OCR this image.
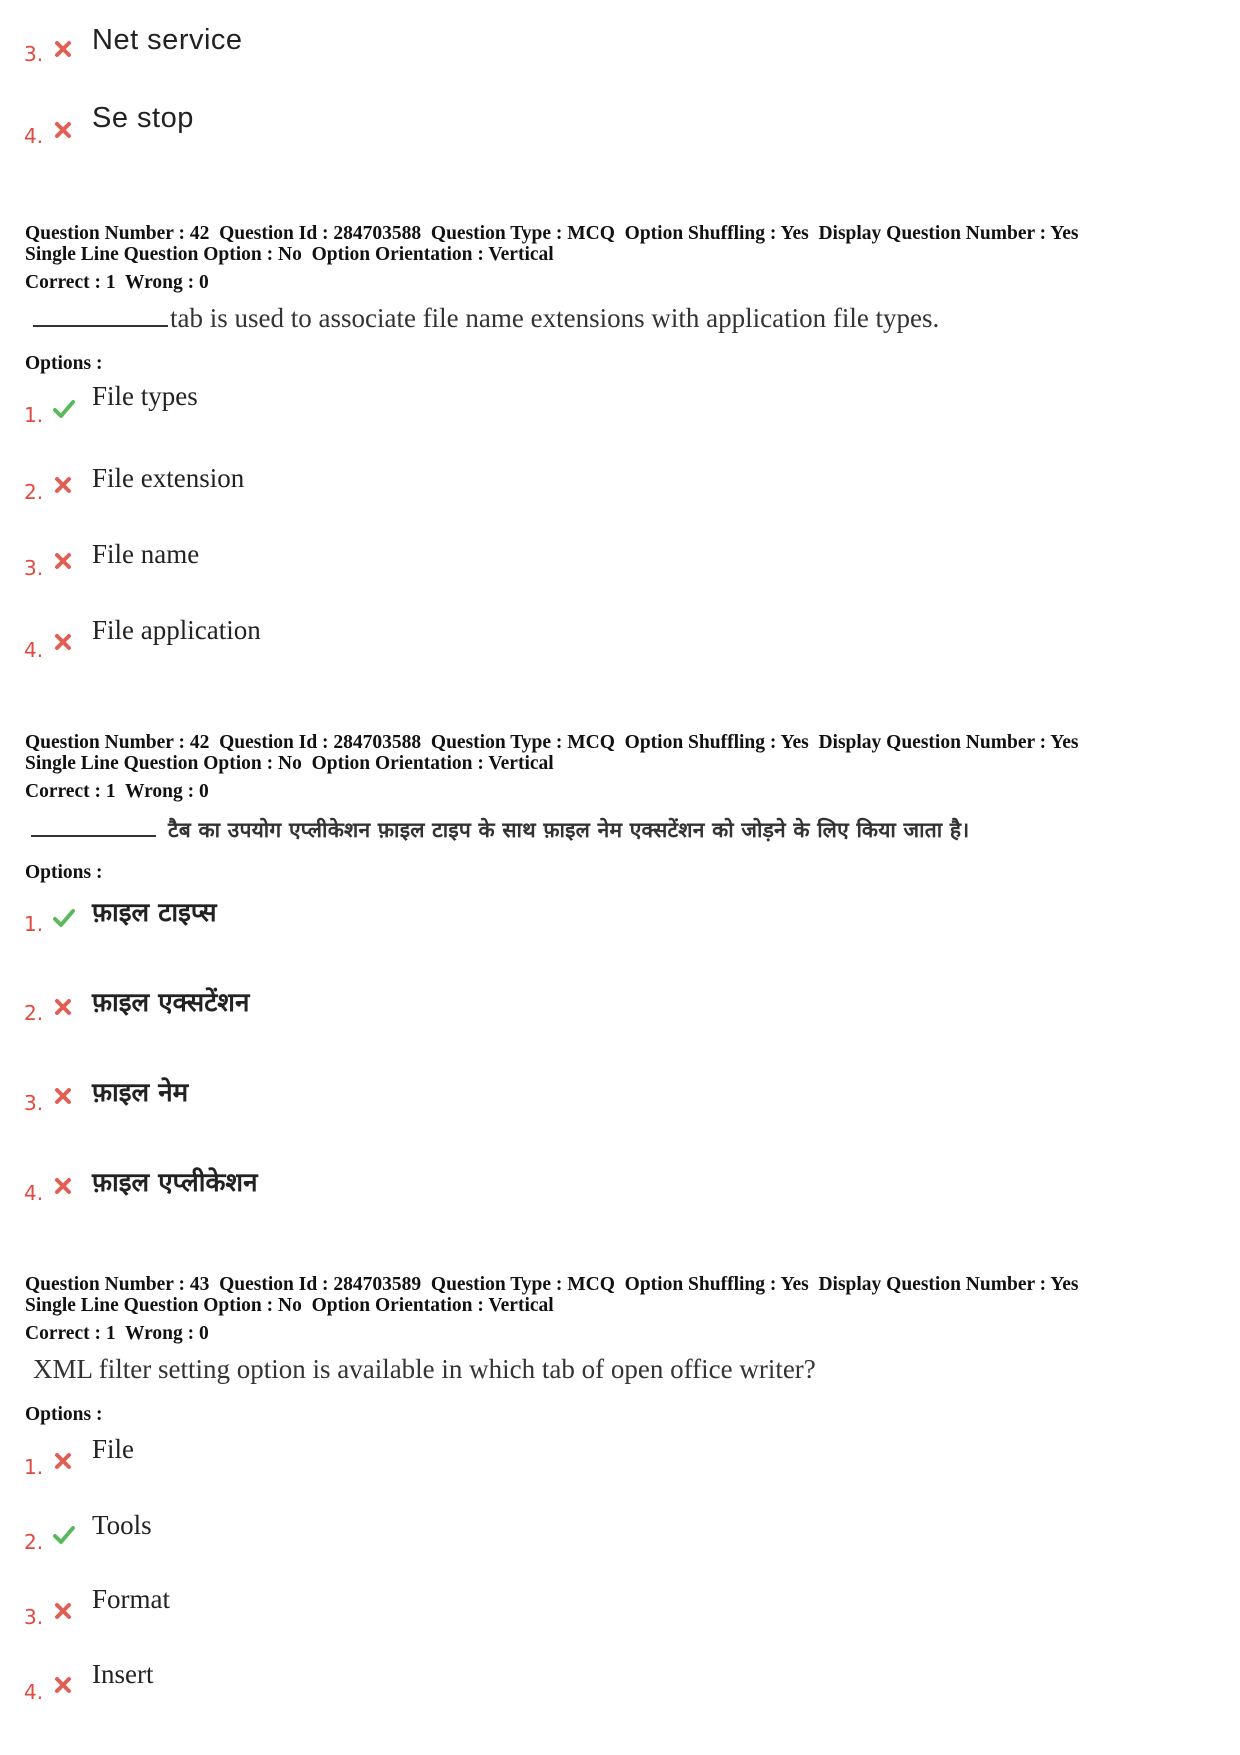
3. Net service
4.
Se stop
Question Number : 42  Question Id : 284703588  Question Type : MCQ  Option Shuffling : Yes  Display Question Number : Yes
Single Line Question Option : No  Option Orientation : Vertical
Correct : 1  Wrong : 0
tab is used to associate file name extensions with application file types.
Options :
1.
File types
2. File extension
3. File name
4.
File application
Question Number : 42  Question Id : 284703588  Question Type : MCQ  Option Shuffling : Yes  Display Question Number : Yes
Single Line Question Option : No  Option Orientation : Vertical
Correct : 1  Wrong : 0
टैब का उपयोग एप्लीकेशन फ़ाइल टाइप के साथ फ़ाइल नेम एक्सटेंशन को जोड़ने के लिए किया जाता है।
Options :
1. फ़ाइल टाइप्स
2. फ़ाइल एक्सटेंशन
3. फ़ाइल नेम
4. फ़ाइल एप्लीकेशन
Question Number : 43  Question Id : 284703589  Question Type : MCQ  Option Shuffling : Yes  Display Question Number : Yes
Single Line Question Option : No  Option Orientation : Vertical
Correct : 1  Wrong : 0
XML filter setting option is available in which tab of open office writer?
Options :
1.
File
2.
Tools
3.
Format
4.
Insert
